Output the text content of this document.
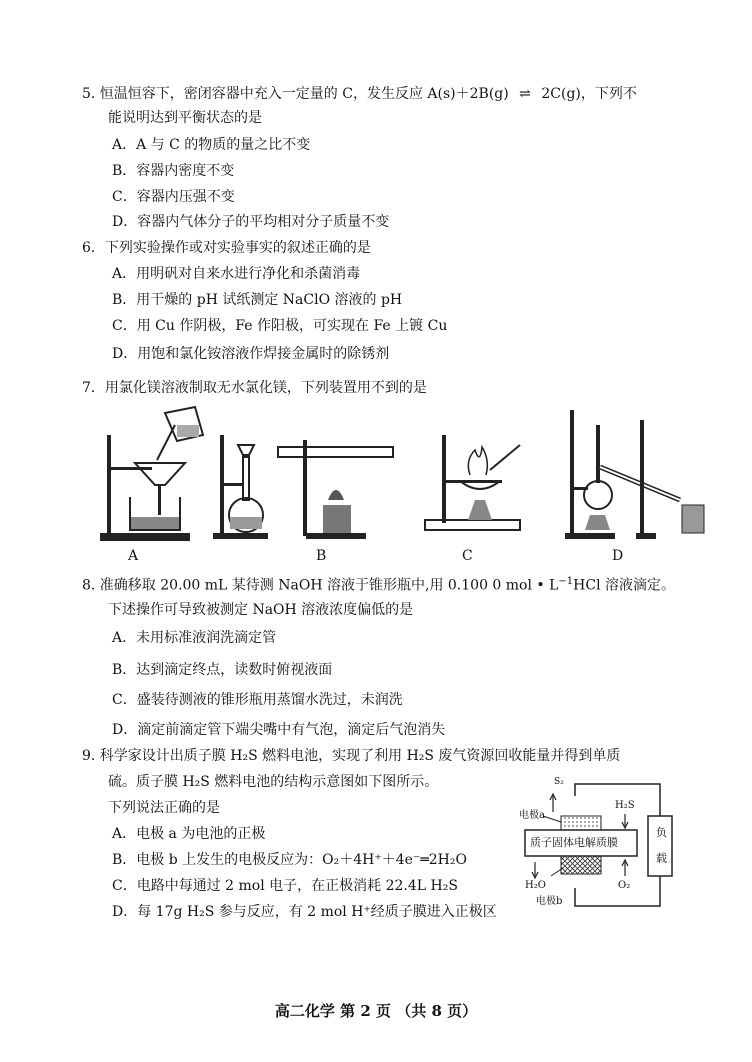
5. 恒温恒容下，密闭容器中充入一定量的 C，发生反应 A(s)＋2B(g) ⇌ 2C(g)，下列不
能说明达到平衡状态的是
A．A 与 C 的物质的量之比不变
B．容器内密度不变
C．容器内压强不变
D．容器内气体分子的平均相对分子质量不变
6．下列实验操作或对实验事实的叙述正确的是
A．用明矾对自来水进行净化和杀菌消毒
B．用干燥的 pH 试纸测定 NaClO 溶液的 pH
C．用 Cu 作阴极，Fe 作阳极，可实现在 Fe 上镀 Cu
D．用饱和氯化铵溶液作焊接金属时的除锈剂
7．用氯化镁溶液制取无水氯化镁，下列装置用不到的是
A	B	C	D
8. 准确移取 20.00 mL 某待测 NaOH 溶液于锥形瓶中,用 0.100 0 mol • $L^{-1}HCl$ 溶液滴定。
下述操作可导致被测定 NaOH 溶液浓度偏低的是
A．未用标准液润洗滴定管
B．达到滴定终点，读数时俯视液面
C．盛装待测液的锥形瓶用蒸馏水洗过，未润洗
D．滴定前滴定管下端尖嘴中有气泡，滴定后气泡消失
9. 科学家设计出质子膜 H₂S 燃料电池，实现了利用 H₂S 废气资源回收能量并得到单质
硫。质子膜 H₂S 燃料电池的结构示意图如下图所示。
下列说法正确的是
A．电极 a 为电池的正极
B．电极 b 上发生的电极反应为：O₂＋4H⁺＋4e⁻═2H₂O
C．电路中每通过 2 mol 电子，在正极消耗 22.4L H₂S
D．每 17g H₂S 参与反应，有 2 mol H⁺经质子膜进入正极区
S₂
H₂S
电极a
质子固体电解质膜
负
载
H₂O	O₂
电极b
高二化学 第 2 页 （共 8 页）
